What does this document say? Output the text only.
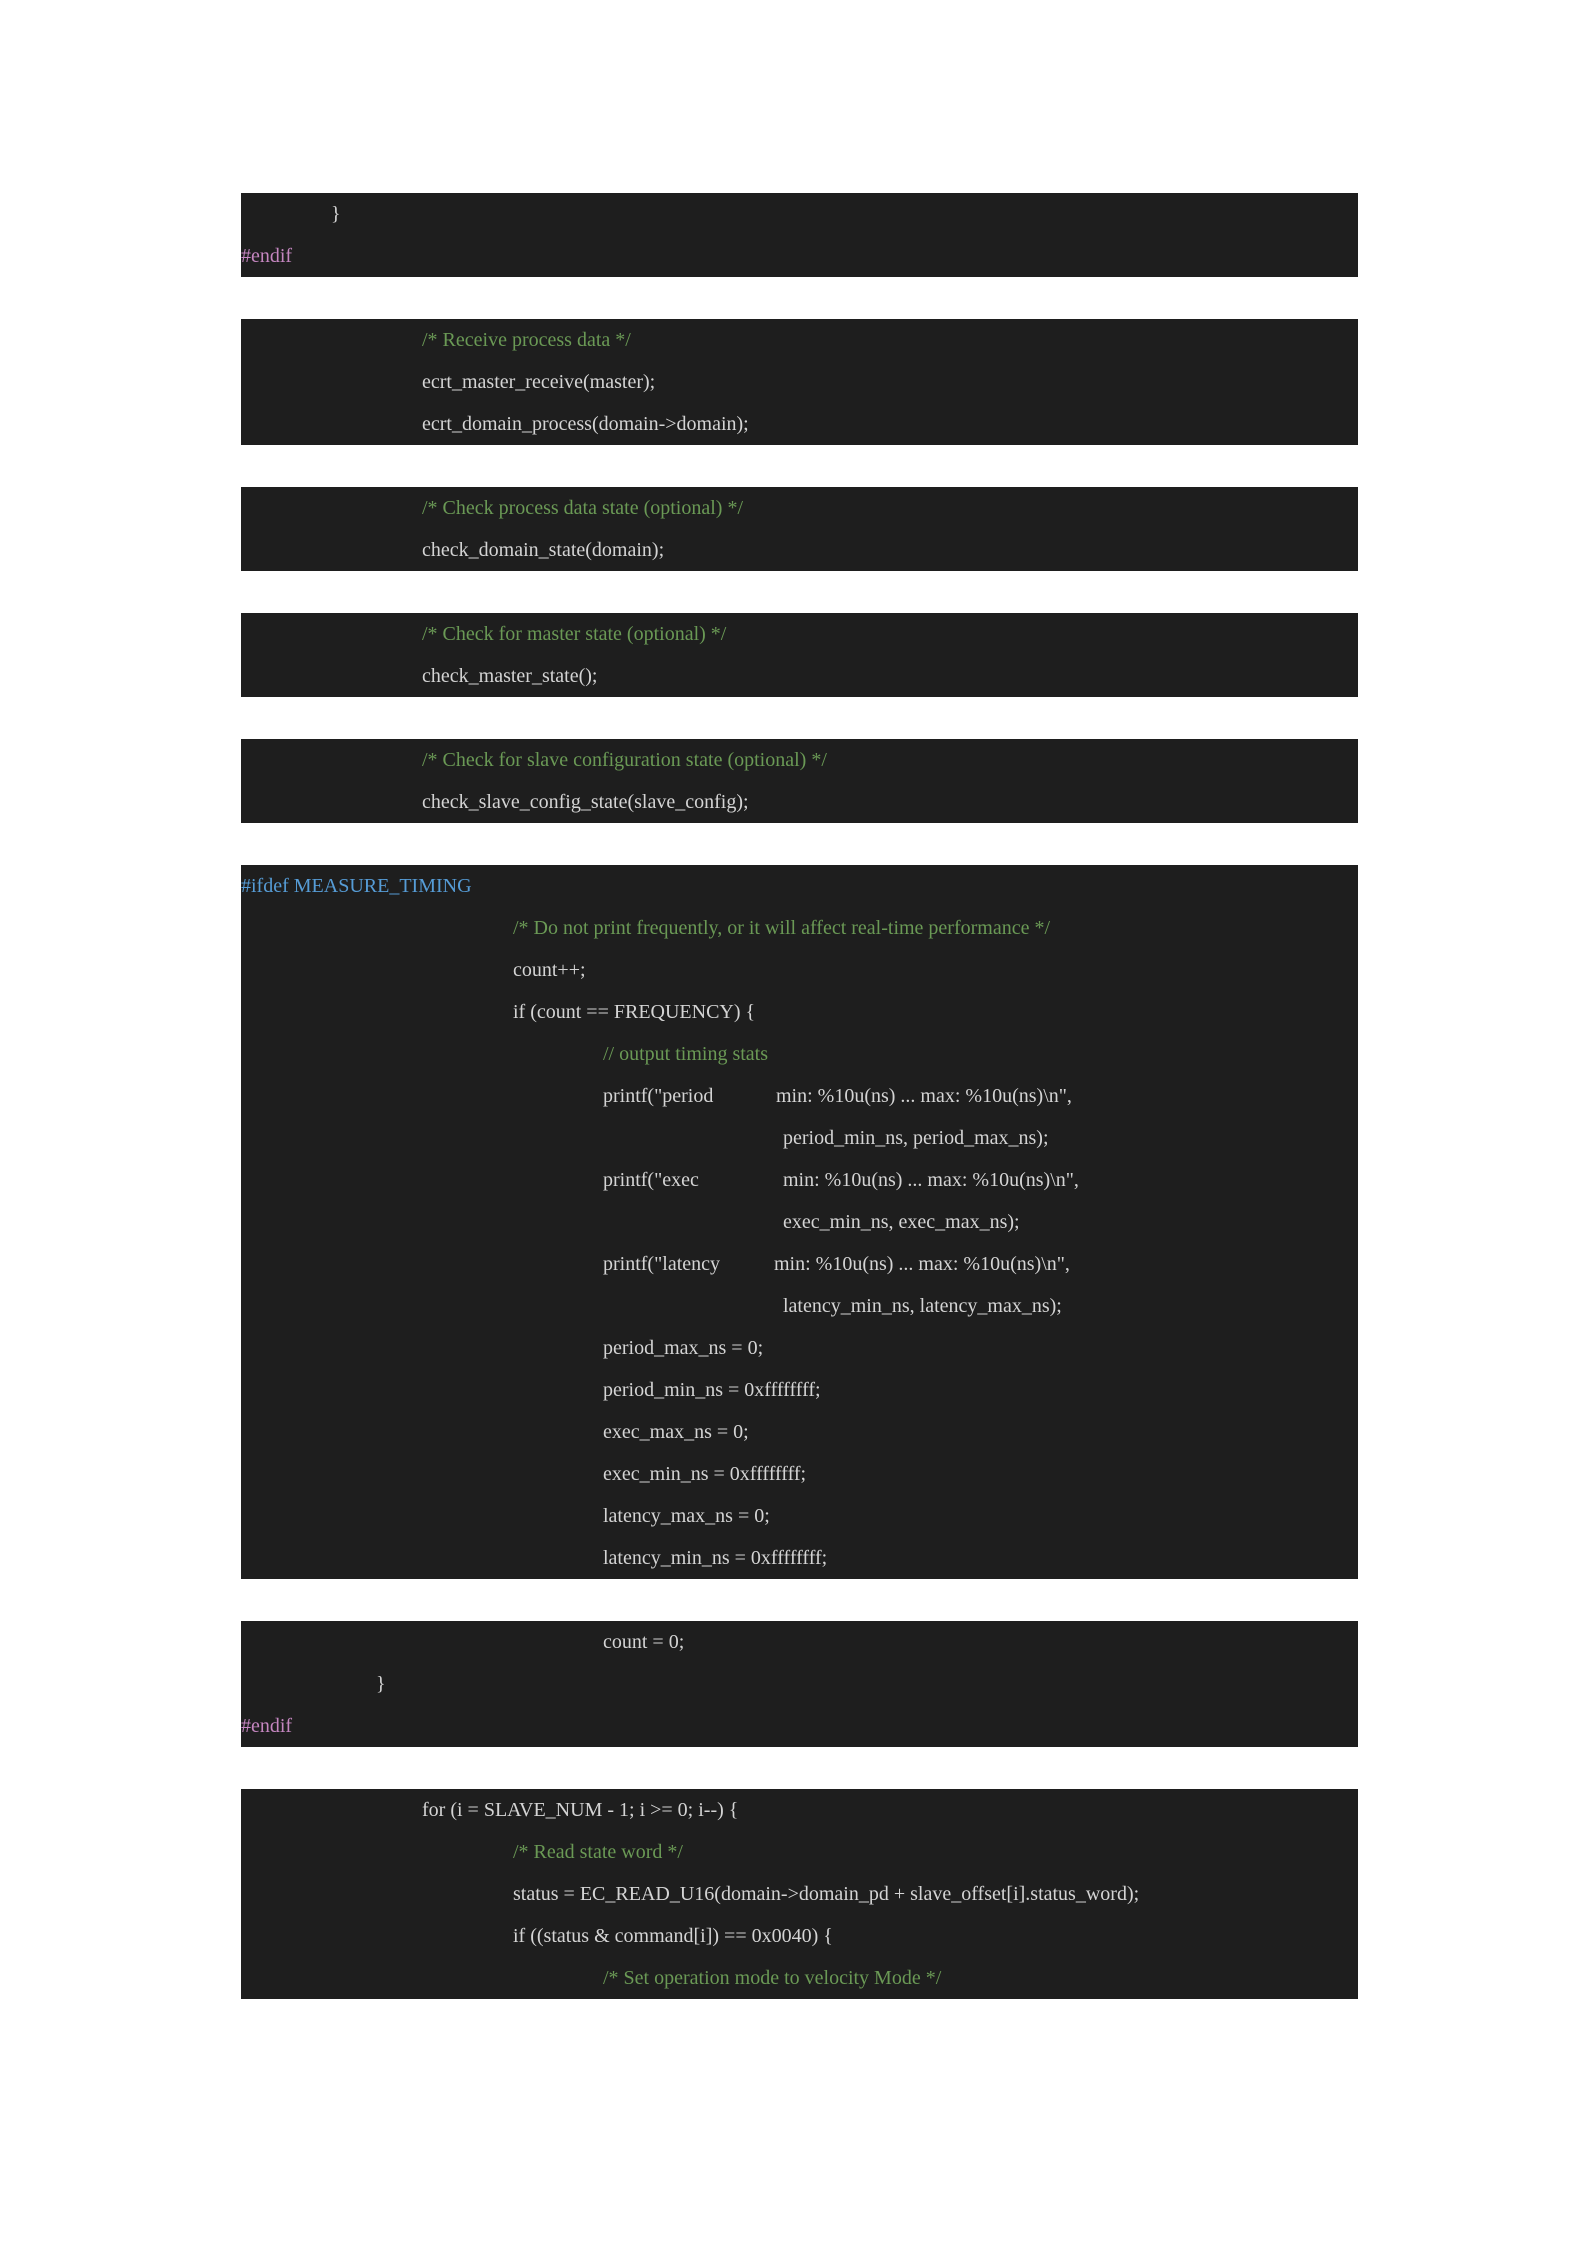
}
#endif
/* Receive process data */
ecrt_master_receive(master);
ecrt_domain_process(domain->domain);
/* Check process data state (optional) */
check_domain_state(domain);
/* Check for master state (optional) */
check_master_state();
/* Check for slave configuration state (optional) */
check_slave_config_state(slave_config);
#ifdef MEASURE_TIMING
/* Do not print frequently, or it will affect real-time performance */
count++;
if (count == FREQUENCY) {
// output timing stats
printf("period	min: %10u(ns) ... max: %10u(ns)\n",
period_min_ns, period_max_ns);
printf("exec	min: %10u(ns) ... max: %10u(ns)\n",
exec_min_ns, exec_max_ns);
printf("latency	min: %10u(ns) ... max: %10u(ns)\n",
latency_min_ns, latency_max_ns);
period_max_ns = 0;
period_min_ns = 0xffffffff;
exec_max_ns = 0;
exec_min_ns = 0xffffffff;
latency_max_ns = 0;
latency_min_ns = 0xffffffff;
count = 0;
}
#endif
for (i = SLAVE_NUM - 1; i >= 0; i--) {
/* Read state word */
status = EC_READ_U16(domain->domain_pd + slave_offset[i].status_word);
if ((status & command[i]) == 0x0040) {
/* Set operation mode to velocity Mode */
